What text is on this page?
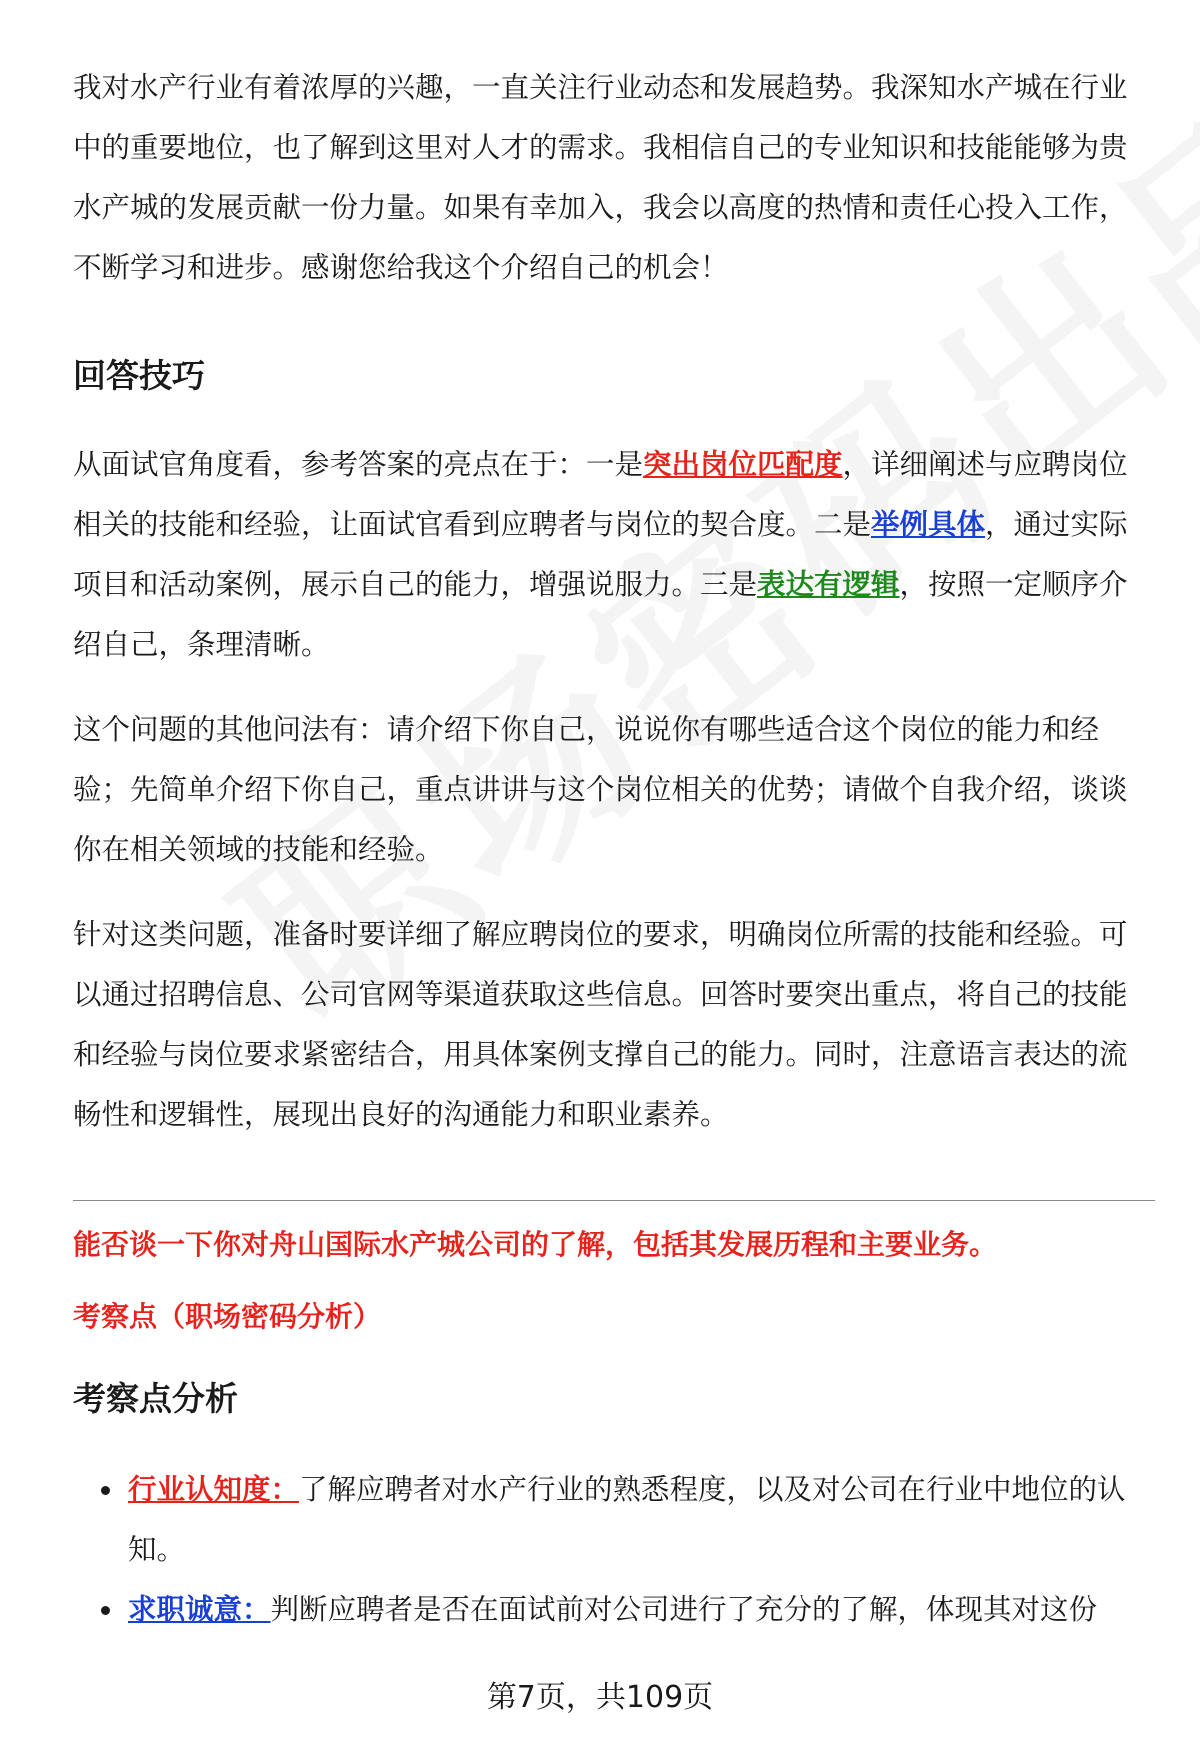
我对水产行业有着浓厚的兴趣，一直关注行业动态和发展趋势。我深知水产城在行业中的重要地位，也了解到这里对人才的需求。我相信自己的专业知识和技能能够为贵水产城的发展贡献一份力量。如果有幸加入，我会以高度的热情和责任心投入工作，不断学习和进步。感谢您给我这个介绍自己的机会！

回答技巧

从面试官角度看，参考答案的亮点在于：一是突出岗位匹配度，详细阐述与应聘岗位相关的技能和经验，让面试官看到应聘者与岗位的契合度。二是举例具体，通过实际项目和活动案例，展示自己的能力，增强说服力。三是表达有逻辑，按照一定顺序介绍自己，条理清晰。

这个问题的其他问法有：请介绍下你自己，说说你有哪些适合这个岗位的能力和经验；先简单介绍下你自己，重点讲讲与这个岗位相关的优势；请做个自我介绍，谈谈你在相关领域的技能和经验。

针对这类问题，准备时要详细了解应聘岗位的要求，明确岗位所需的技能和经验。可以通过招聘信息、公司官网等渠道获取这些信息。回答时要突出重点，将自己的技能和经验与岗位要求紧密结合，用具体案例支撑自己的能力。同时，注意语言表达的流畅性和逻辑性，展现出良好的沟通能力和职业素养。

能否谈一下你对舟山国际水产城公司的了解，包括其发展历程和主要业务。

考察点（职场密码分析）

考察点分析

行业认知度：了解应聘者对水产行业的熟悉程度，以及对公司在行业中地位的认知。
求职诚意：判断应聘者是否在面试前对公司进行了充分的了解，体现其对这份
第7页，共109页
